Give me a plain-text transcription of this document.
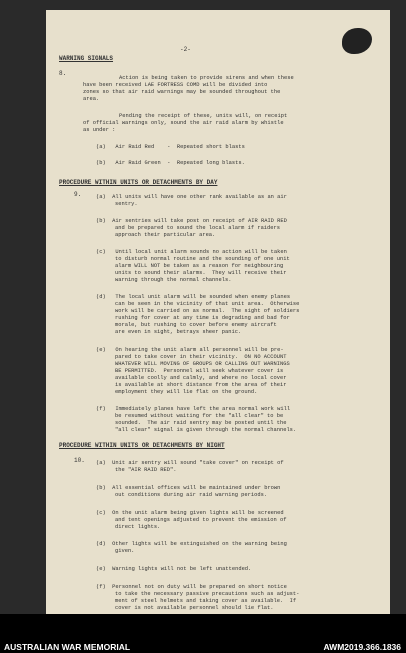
-2-
WARNING SIGNALS
8.
Action is being taken to provide sirens and when these
have been received LAE FORTRESS COMD will be divided into
zones so that air raid warnings may be sounded throughout the
area.
Pending the receipt of these, units will, on receipt
of official warnings only, sound the air raid alarm by whistle
as under :
(a)   Air Raid Red    -  Repeated short blasts
(b)   Air Raid Green  -  Repeated long blasts.
PROCEDURE WITHIN UNITS OR DETACHMENTS BY DAY
9.	(a)  All units will have one other rank available as an air
sentry.
(b)  Air sentries will take post on receipt of AIR RAID RED
and be prepared to sound the local alarm if raiders
approach their particular area.
(c)   Until local unit alarm sounds no action will be taken
to disturb normal routine and the sounding of one unit
alarm WILL NOT be taken as a reason for neighbouring
units to sound their alarms.  They will receive their
warning through the normal channels.
(d)   The local unit alarm will be sounded when enemy planes
can be seen in the vicinity of that unit area.  Otherwise
work will be carried on as normal.  The sight of soldiers
rushing for cover at any time is degrading and bad for
morale, but rushing to cover before enemy aircraft
are even in sight, betrays sheer panic.
(e)   On hearing the unit alarm all personnel will be pre-
pared to take cover in their vicinity.  ON NO ACCOUNT
WHATEVER WILL MOVING OF GROUPS OR CALLING OUT WARNINGS
BE PERMITTED.  Personnel will seek whatever cover is
available coolly and calmly, and where no local cover
is available at short distance from the area of their
employment they will lie flat on the ground.
(f)   Immediately planes have left the area normal work will
be resumed without waiting for the "all clear" to be
sounded.  The air raid sentry may be posted until the
"all clear" signal is given through the normal channels.
PROCEDURE WITHIN UNITS OR DETACHMENTS BY NIGHT
10. (a)  Unit air sentry will sound "take cover" on receipt of
the "AIR RAID RED".
(b)  All essential offices will be maintained under brown
out conditions during air raid warning periods.
(c)  On the unit alarm being given lights will be screened
and tent openings adjusted to prevent the emission of
direct lights.
(d)  Other lights will be extinguished on the warning being
given.
(e)  Warning lights will not be left unattended.
(f)  Personnel not on duty will be prepared on short notice
to take the necessary passive precautions such as adjust-
ment of steel helmets and taking cover as available.  If
cover is not available personnel should lie flat.
AUSTRALIAN WAR MEMORIAL	AWM2019.366.1836
